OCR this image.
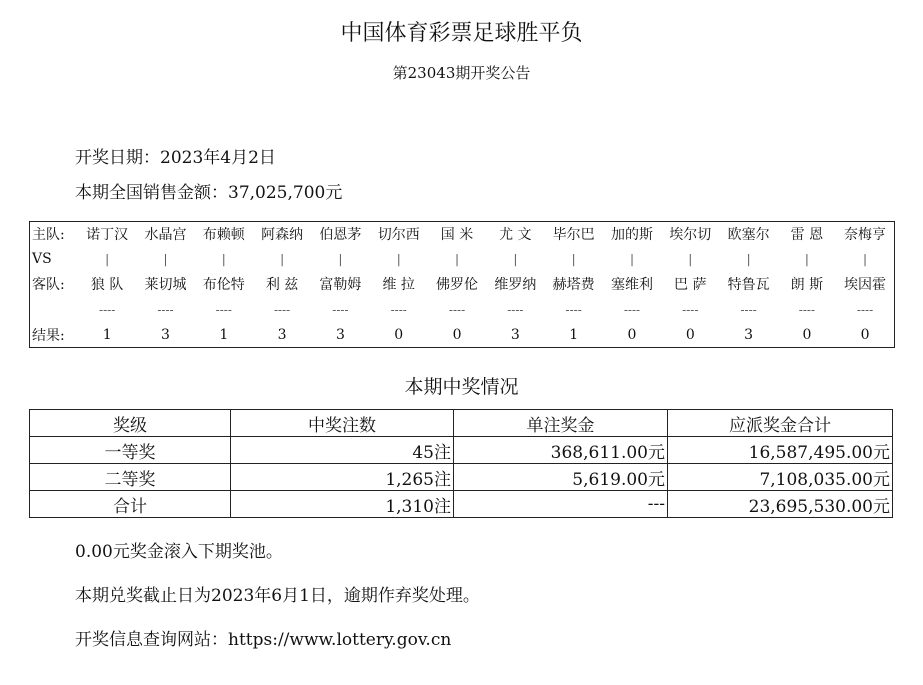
中国体育彩票足球胜平负
第23043期开奖公告
开奖日期：2023年4月2日
本期全国销售金额：37,025,700元
主队:	诺丁汉	水晶宫	布赖顿	阿森纳	伯恩茅	切尔西	国 米	尤 文	毕尔巴	加的斯	埃尔切	欧塞尔	雷 恩	奈梅亨
VS	|	|	|	|	|	|	|	|	|	|	|	|	|	|
客队:	狼 队	莱切城	布伦特	利 兹	富勒姆	维 拉	佛罗伦	维罗纳	赫塔费	塞维利	巴 萨	特鲁瓦	朗 斯	埃因霍
	----	----	----	----	----	----	----	----	----	----	----	----	----	----
结果:	1	3	1	3	3	0	0	3	1	0	0	3	0	0
本期中奖情况
奖级	中奖注数	单注奖金	应派奖金合计
一等奖	45注	368,611.00元	16,587,495.00元
二等奖	1,265注	5,619.00元	7,108,035.00元
合计	1,310注	---	23,695,530.00元
0.00元奖金滚入下期奖池。
本期兑奖截止日为2023年6月1日，逾期作弃奖处理。
开奖信息查询网站：https://www.lottery.gov.cn
